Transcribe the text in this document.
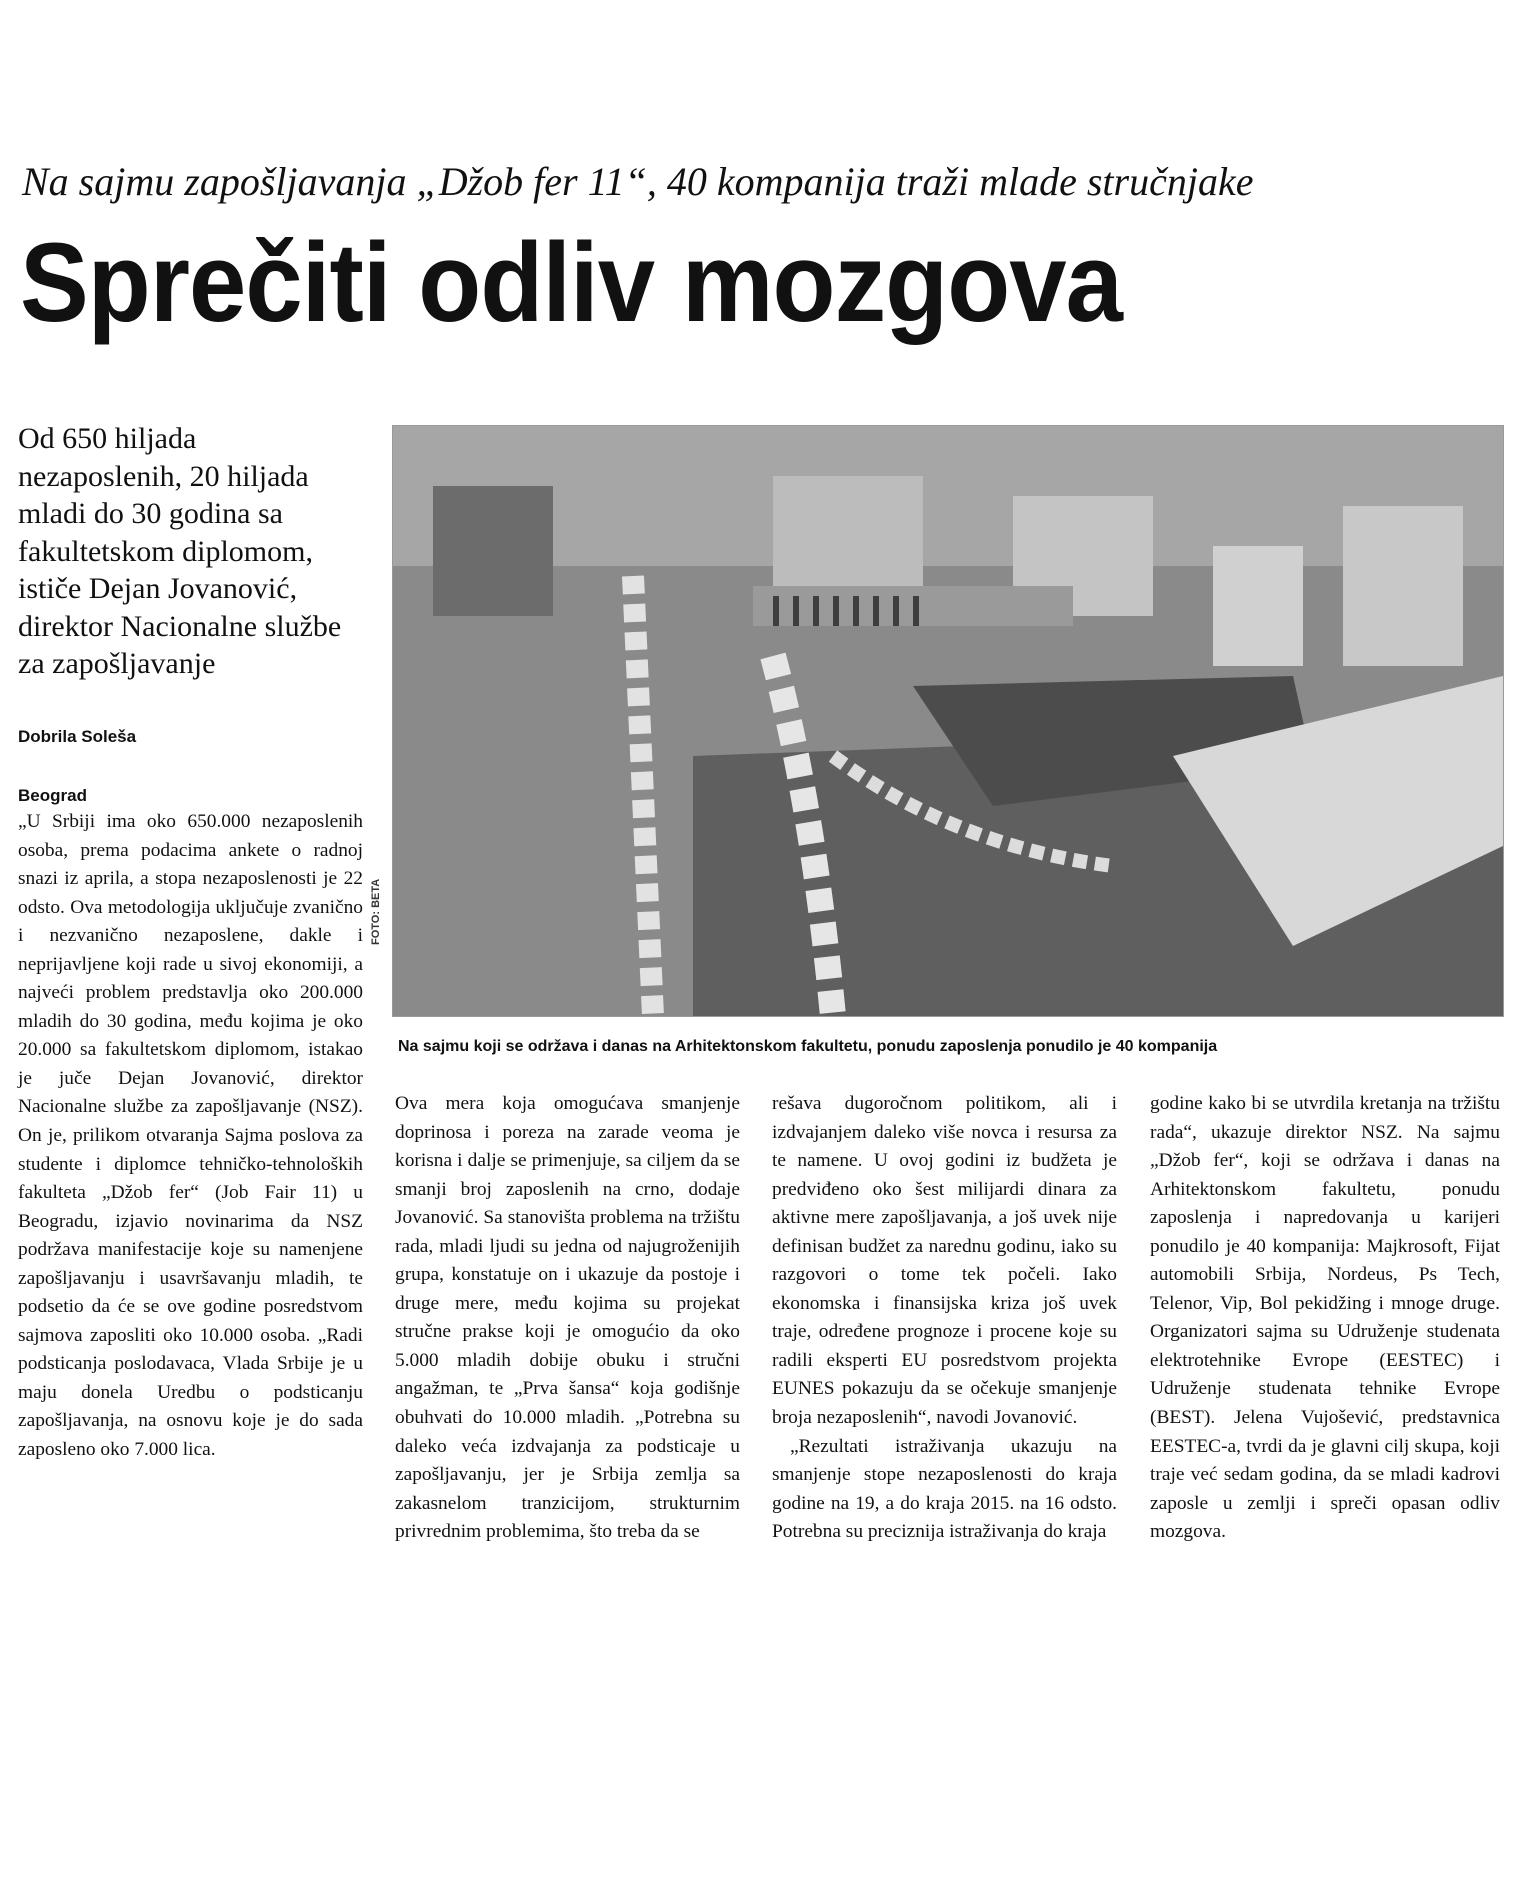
Na sajmu zapošljavanja „Džob fer 11“, 40 kompanija traži mlade stručnjake
Sprečiti odliv mozgova
Od 650 hiljada nezaposlenih, 20 hiljada mladi do 30 godina sa fakultetskom diplomom, ističe Dejan Jovanović, direktor Nacionalne službe za zapošljavanje
Dobrila Soleša
Beograd

„U Srbiji ima oko 650.000 nezaposlenih osoba, prema podacima ankete o radnoj snazi iz aprila, a stopa nezaposlenosti je 22 odsto. Ova metodologija uključuje zvanično i nezvanično nezaposlene, dakle i neprijavljene koji rade u sivoj ekonomiji, a najveći problem predstavlja oko 200.000 mladih do 30 godina, među kojima je oko 20.000 sa fakultetskom diplomom, istakao je juče Dejan Jovanović, direktor Nacionalne službe za zapošljavanje (NSZ). On je, prilikom otvaranja Sajma poslova za studente i diplomce tehničko-tehnoloških fakulteta „Džob fer“ (Job Fair 11) u Beogradu, izjavio novinarima da NSZ podržava manifestacije koje su namenjene zapošljavanju i usavršavanju mladih, te podsetio da će se ove godine posredstvom sajmova zaposliti oko 10.000 osoba. „Radi podsticanja poslodavaca, Vlada Srbije je u maju donela Uredbu o podsticanju zapošljavanja, na osnovu koje je do sada zaposleno oko 7.000 lica.

FOTO: BETA
Na sajmu koji se održava i danas na Arhitektonskom fakultetu, ponudu zaposlenja ponudilo je 40 kompanija

Ova mera koja omogućava smanjenje doprinosa i poreza na zarade veoma je korisna i dalje se primenjuje, sa ciljem da se smanji broj zaposlenih na crno, dodaje Jovanović. Sa stanovišta problema na tržištu rada, mladi ljudi su jedna od najugroženijih grupa, konstatuje on i ukazuje da postoje i druge mere, među kojima su projekat stručne prakse koji je omogućio da oko 5.000 mladih dobije obuku i stručni angažman, te „Prva šansa“ koja godišnje obuhvati do 10.000 mladih. „Potrebna su daleko veća izdvajanja za podsticaje u zapošljavanju, jer je Srbija zemlja sa zakasnelom tranzicijom, strukturnim privrednim problemima, što treba da se

rešava dugoročnom politikom, ali i izdvajanjem daleko više novca i resursa za te namene. U ovoj godini iz budžeta je predviđeno oko šest milijardi dinara za aktivne mere zapošljavanja, a još uvek nije definisan budžet za narednu godinu, iako su razgovori o tome tek počeli. Iako ekonomska i finansijska kriza još uvek traje, određene prognoze i procene koje su radili eksperti EU posredstvom projekta EUNES pokazuju da se očekuje smanjenje broja nezaposlenih“, navodi Jovanović.

„Rezultati istraživanja ukazuju na smanjenje stope nezaposlenosti do kraja godine na 19, a do kraja 2015. na 16 odsto. Potrebna su preciznija istraživanja do kraja

godine kako bi se utvrdila kretanja na tržištu rada“, ukazuje direktor NSZ. Na sajmu „Džob fer“, koji se održava i danas na Arhitektonskom fakultetu, ponudu zaposlenja i napredovanja u karijeri ponudilo je 40 kompanija: Majkrosoft, Fijat automobili Srbija, Nordeus, Ps Tech, Telenor, Vip, Bol pekidžing i mnoge druge. Organizatori sajma su Udruženje studenata elektrotehnike Evrope (EESTEC) i Udruženje studenata tehnike Evrope (BEST). Jelena Vujošević, predstavnica EESTEC-a, tvrdi da je glavni cilj skupa, koji traje već sedam godina, da se mladi kadrovi zaposle u zemlji i spreči opasan odliv mozgova.
